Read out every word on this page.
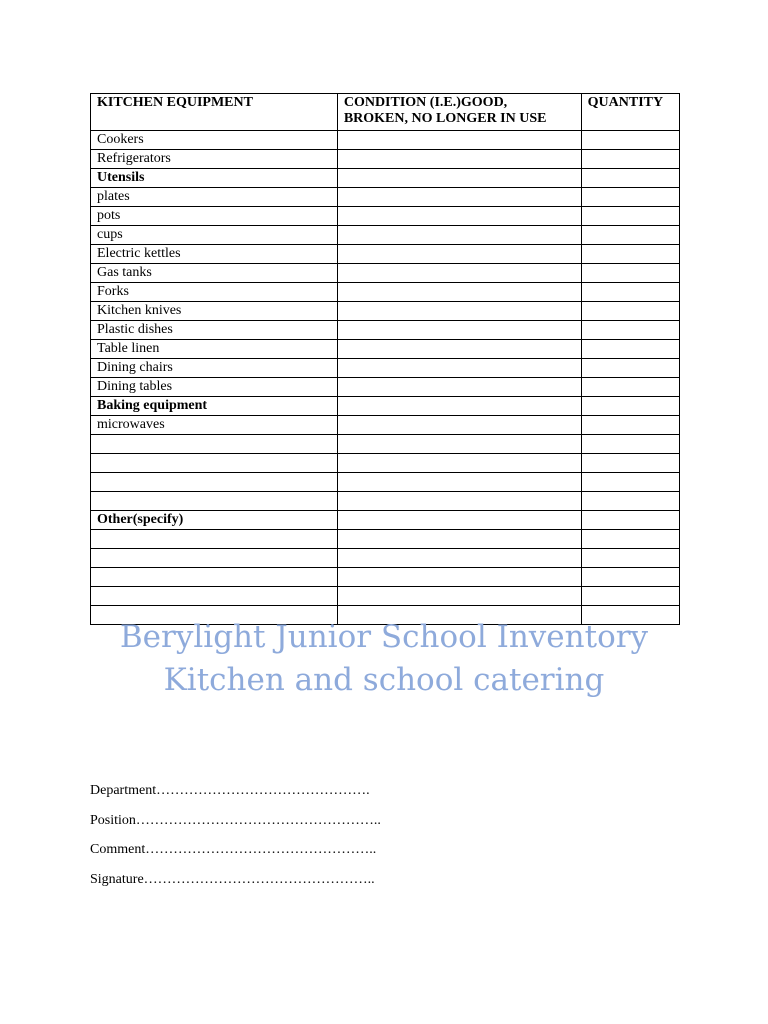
KITCHEN EQUIPMENT	CONDITION (I.E.)GOOD, BROKEN, NO LONGER IN USE	QUANTITY
Cookers		
Refrigerators		
Utensils		
plates		
pots		
cups		
Electric kettles		
Gas tanks		
Forks		
Kitchen knives		
Plastic dishes		
Table linen		
Dining chairs		
Dining tables		
Baking equipment		
microwaves		

Other(specify)		

Berylight Junior School Inventory
Kitchen and school catering
Department……………………………………….
Position……………………………………………..
Comment…………………………………………..
Signature…………………………………………..
